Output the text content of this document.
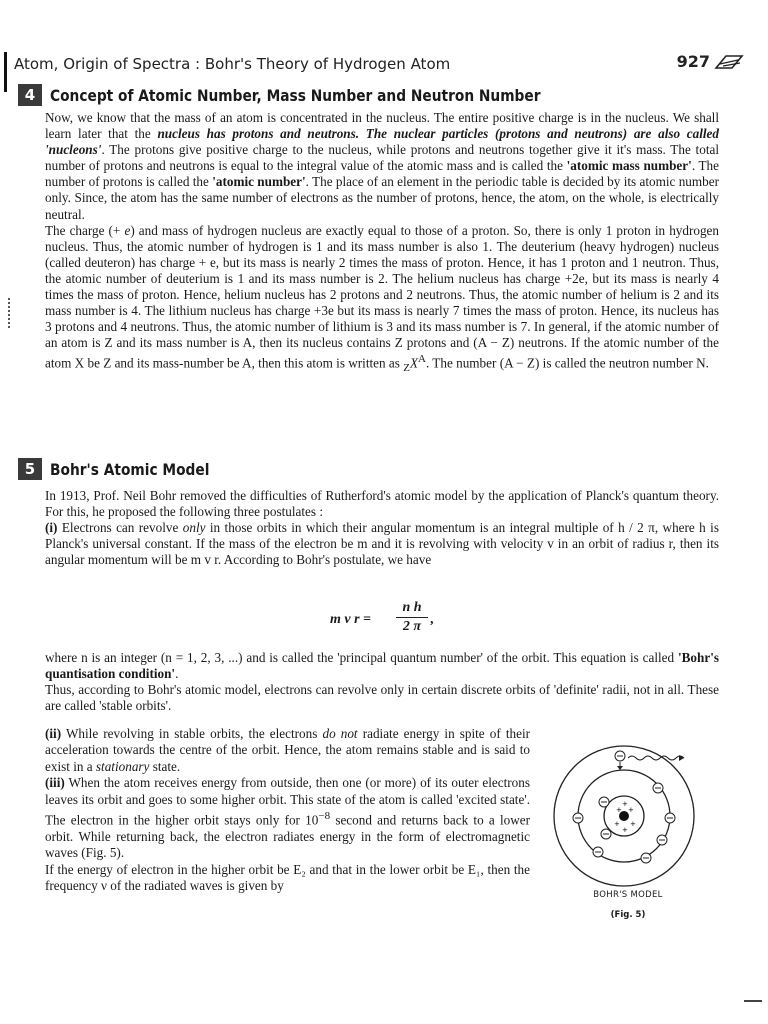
Atom, Origin of Spectra : Bohr's Theory of Hydrogen Atom	927
4 Concept of Atomic Number, Mass Number and Neutron Number

Now, we know that the mass of an atom is concentrated in the nucleus. The entire positive charge is in the nucleus. We shall learn later that the nucleus has protons and neutrons. The nuclear particles (protons and neutrons) are also called 'nucleons'. The protons give positive charge to the nucleus, while protons and neutrons together give it it's mass. The total number of protons and neutrons is equal to the integral value of the atomic mass and is called the 'atomic mass number'. The number of protons is called the 'atomic number'. The place of an element in the periodic table is decided by its atomic number only. Since, the atom has the same number of electrons as the number of protons, hence, the atom, on the whole, is electrically neutral.

The charge (+ e) and mass of hydrogen nucleus are exactly equal to those of a proton. So, there is only 1 proton in hydrogen nucleus. Thus, the atomic number of hydrogen is 1 and its mass number is also 1. The deuterium (heavy hydrogen) nucleus (called deuteron) has charge + e, but its mass is nearly 2 times the mass of proton. Hence, it has 1 proton and 1 neutron. Thus, the atomic number of deuterium is 1 and its mass number is 2. The helium nucleus has charge +2e, but its mass is nearly 4 times the mass of proton. Hence, helium nucleus has 2 protons and 2 neutrons. Thus, the atomic number of helium is 2 and its mass number is 4. The lithium nucleus has charge +3e but its mass is nearly 7 times the mass of proton. Hence, its nucleus has 3 protons and 4 neutrons. Thus, the atomic number of lithium is 3 and its mass number is 7. In general, if the atomic number of an atom is Z and its mass number is A, then its nucleus contains Z protons and (A − Z) neutrons. If the atomic number of the atom X be Z and its mass-number be A, then this atom is written as $_ZX^A$. The number (A − Z) is called the neutron number N.

5 Bohr's Atomic Model

In 1913, Prof. Neil Bohr removed the difficulties of Rutherford's atomic model by the application of Planck's quantum theory. For this, he proposed the following three postulates :

(i) Electrons can revolve only in those orbits in which their angular momentum is an integral multiple of h / 2 π, where h is Planck's universal constant. If the mass of the electron be m and it is revolving with velocity v in an orbit of radius r, then its angular momentum will be m v r. According to Bohr's postulate, we have

m v $r = \frac{\text{n h}}{2 \pi}$ ,

where n is an integer (n = 1, 2, 3, ...) and is called the 'principal quantum number' of the orbit. This equation is called 'Bohr's quantisation condition'.

Thus, according to Bohr's atomic model, electrons can revolve only in certain discrete orbits of 'definite' radii, not in all. These are called 'stable orbits'.

(ii) While revolving in stable orbits, the electrons do not radiate energy in spite of their acceleration towards the centre of the orbit. Hence, the atom remains stable and is said to exist in a stationary state.

(iii) When the atom receives energy from outside, then one (or more) of its outer electrons leaves its orbit and goes to some higher orbit. This state of the atom is called 'excited state'. The electron in the higher orbit stays only for $10^{-8}$ second and returns back to a lower orbit. While returning back, the electron radiates energy in the form of electromagnetic waves (Fig. 5).

If the energy of electron in the higher orbit be E₂ and that in the lower orbit be E₁, then the frequency ν of the radiated waves is given by

+ +
+ +
+
+
BOHR'S MODEL
(Fig. 5)
